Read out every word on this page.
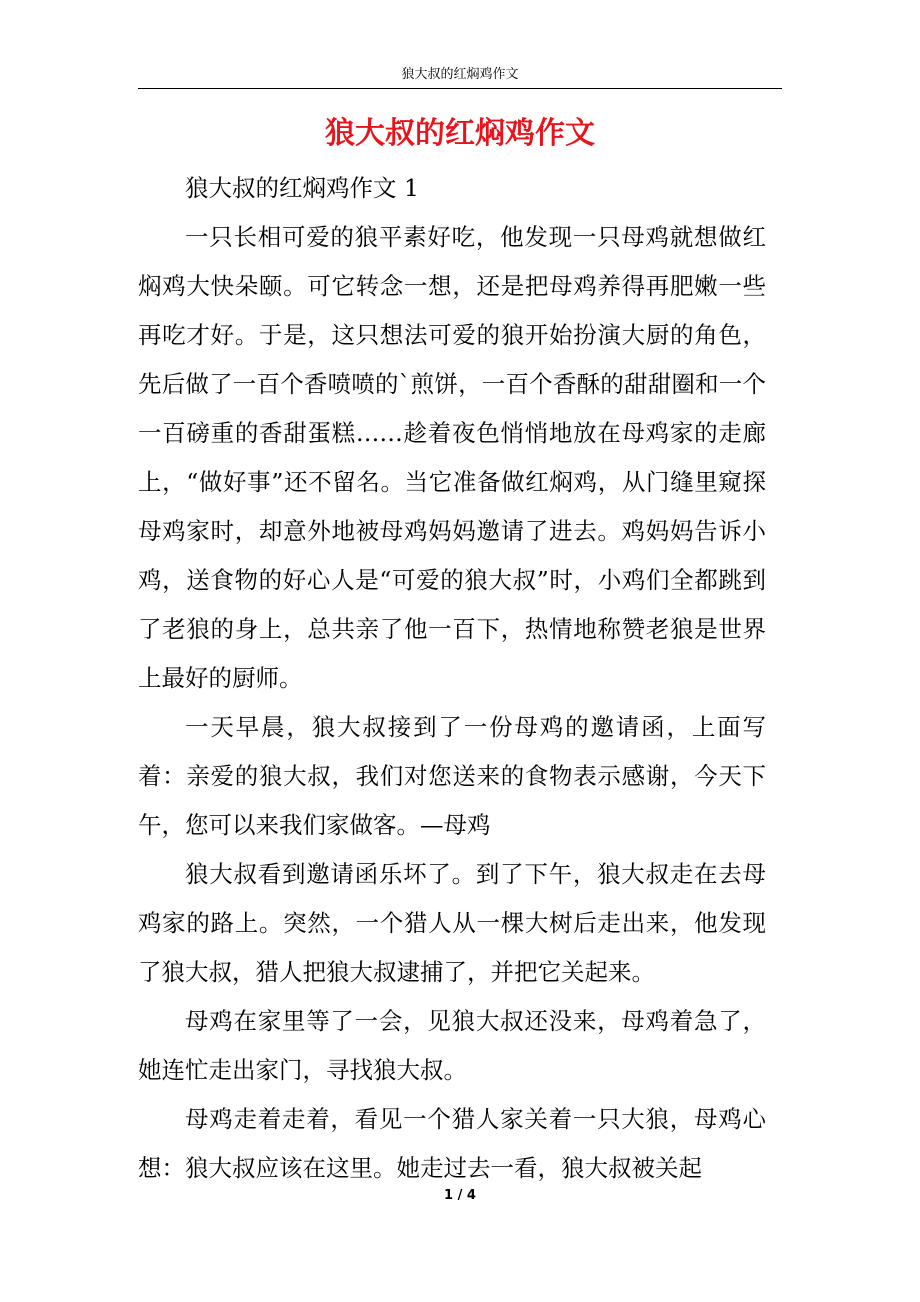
狼大叔的红焖鸡作文
狼大叔的红焖鸡作文

狼大叔的红焖鸡作文 1

一只长相可爱的狼平素好吃，他发现一只母鸡就想做红焖鸡大快朵颐。可它转念一想，还是把母鸡养得再肥嫩一些再吃才好。于是，这只想法可爱的狼开始扮演大厨的角色，先后做了一百个香喷喷的`煎饼，一百个香酥的甜甜圈和一个一百磅重的香甜蛋糕……趁着夜色悄悄地放在母鸡家的走廊上，“做好事”还不留名。当它准备做红焖鸡，从门缝里窥探母鸡家时，却意外地被母鸡妈妈邀请了进去。鸡妈妈告诉小鸡，送食物的好心人是“可爱的狼大叔”时，小鸡们全都跳到了老狼的身上，总共亲了他一百下，热情地称赞老狼是世界上最好的厨师。

一天早晨，狼大叔接到了一份母鸡的邀请函，上面写着：亲爱的狼大叔，我们对您送来的食物表示感谢，今天下午，您可以来我们家做客。—母鸡

狼大叔看到邀请函乐坏了。到了下午，狼大叔走在去母鸡家的路上。突然，一个猎人从一棵大树后走出来，他发现了狼大叔，猎人把狼大叔逮捕了，并把它关起来。

母鸡在家里等了一会，见狼大叔还没来，母鸡着急了，她连忙走出家门，寻找狼大叔。

母鸡走着走着，看见一个猎人家关着一只大狼，母鸡心想：狼大叔应该在这里。她走过去一看，狼大叔被关起

1 / 4
